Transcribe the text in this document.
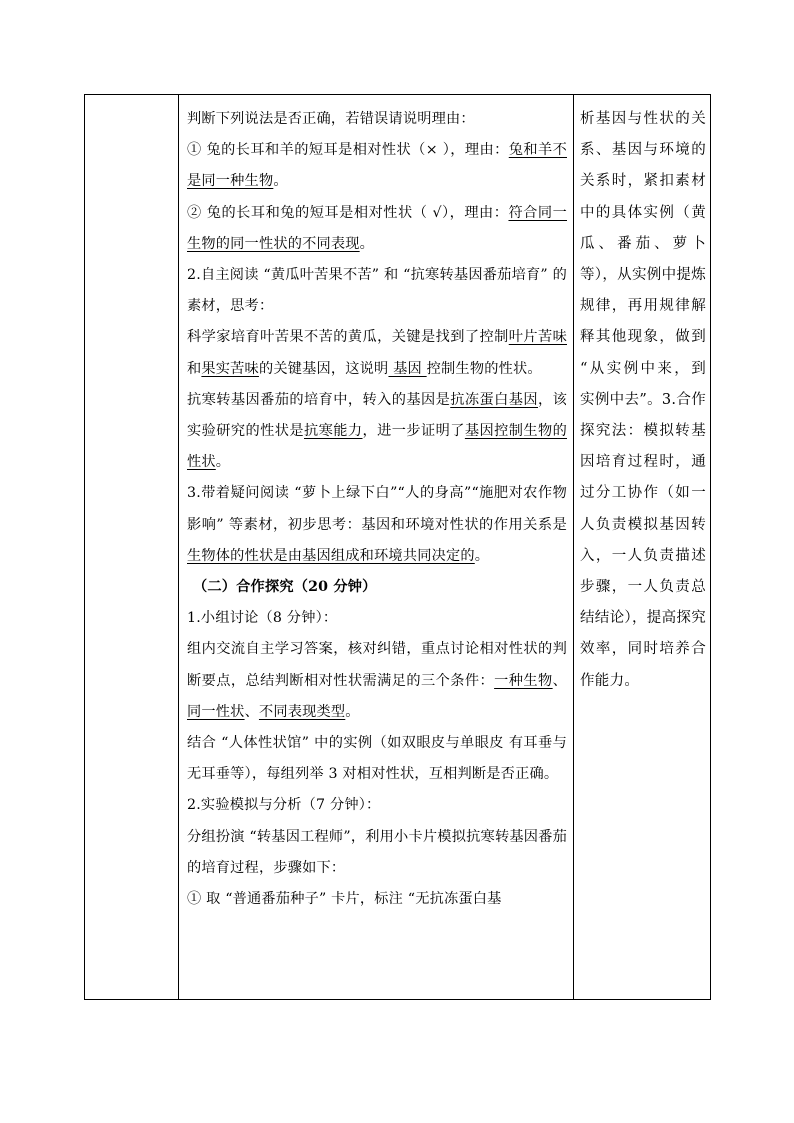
判断下列说法是否正确，若错误请说明理由：

① 兔的长耳和羊的短耳是相对性状（× ），理由：兔和羊不是同一种生物。

② 兔的长耳和兔的短耳是相对性状（ √），理由：符合同一生物的同一性状的不同表现。

2.自主阅读 “黄瓜叶苦果不苦” 和 “抗寒转基因番茄培育” 的素材，思考：

科学家培育叶苦果不苦的黄瓜，关键是找到了控制叶片苦味 和果实苦味的关键基因，这说明 基因 控制生物的性状。

抗寒转基因番茄的培育中，转入的基因是抗冻蛋白基因，该实验研究的性状是抗寒能力，进一步证明了基因控制生物的性状。

3.带着疑问阅读 “萝卜上绿下白”“人的身高”“施肥对农作物影响” 等素材，初步思考：基因和环境对性状的作用关系是生物体的性状是由基因组成和环境共同决定的。

（二）合作探究（20 分钟）

1.小组讨论（8 分钟）：

组内交流自主学习答案，核对纠错，重点讨论相对性状的判断要点，总结判断相对性状需满足的三个条件：一种生物、同一性状、不同表现类型。

结合 “人体性状馆” 中的实例（如双眼皮与单眼皮 有耳垂与无耳垂等），每组列举 3 对相对性状，互相判断是否正确。

2.实验模拟与分析（7 分钟）：

分组扮演 “转基因工程师”，利用小卡片模拟抗寒转基因番茄的培育过程，步骤如下：

① 取 “普通番茄种子” 卡片，标注 “无抗冻蛋白基

析基因与性状的关系、基因与环境的关系时，紧扣素材中的具体实例（黄瓜、番茄、萝卜等），从实例中提炼规律，再用规律解释其他现象，做到 “从实例中来，到实例中去”。3.合作探究法：模拟转基因培育过程时，通过分工协作（如一人负责模拟基因转入，一人负责描述步骤，一人负责总结结论），提高探究效率，同时培养合作能力。
